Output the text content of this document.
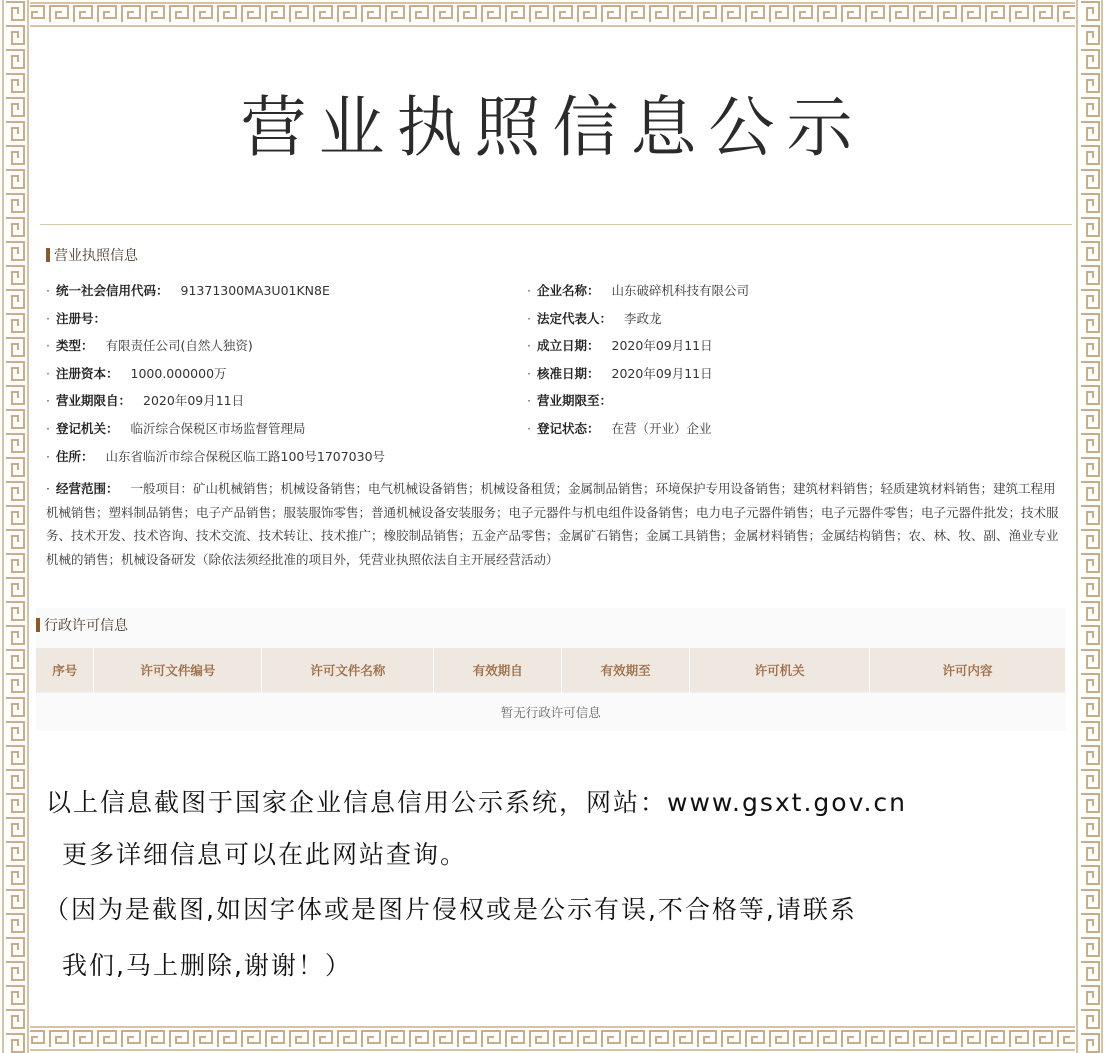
营业执照信息公示
营业执照信息
· 统一社会信用代码： 91371300MA3U01KN8E
· 注册号：
· 类型： 有限责任公司(自然人独资)
· 注册资本： 1000.000000万
· 营业期限自： 2020年09月11日
· 登记机关： 临沂综合保税区市场监督管理局
· 住所： 山东省临沂市综合保税区临工路100号1707030号
· 企业名称： 山东破碎机科技有限公司
· 法定代表人： 李政龙
· 成立日期： 2020年09月11日
· 核准日期： 2020年09月11日
· 营业期限至：
· 登记状态： 在营（开业）企业
· 经营范围： 一般项目：矿山机械销售；机械设备销售；电气机械设备销售；机械设备租赁；金属制品销售；环境保护专用设备销售；建筑材料销售；轻质建筑材料销售；建筑工程用机械销售；塑料制品销售；电子产品销售；服装服饰零售；普通机械设备安装服务；电子元器件与机电组件设备销售；电力电子元器件销售；电子元器件零售；电子元器件批发；技术服务、技术开发、技术咨询、技术交流、技术转让、技术推广；橡胶制品销售；五金产品零售；金属矿石销售；金属工具销售；金属材料销售；金属结构销售；农、林、牧、副、渔业专业机械的销售；机械设备研发（除依法须经批准的项目外，凭营业执照依法自主开展经营活动）
行政许可信息
序号	许可文件编号	许可文件名称	有效期自	有效期至	许可机关	许可内容
暂无行政许可信息
以上信息截图于国家企业信息信用公示系统，网站：www.gsxt.gov.cn
更多详细信息可以在此网站查询。
（因为是截图,如因字体或是图片侵权或是公示有误,不合格等,请联系
我们,马上删除,谢谢！）
